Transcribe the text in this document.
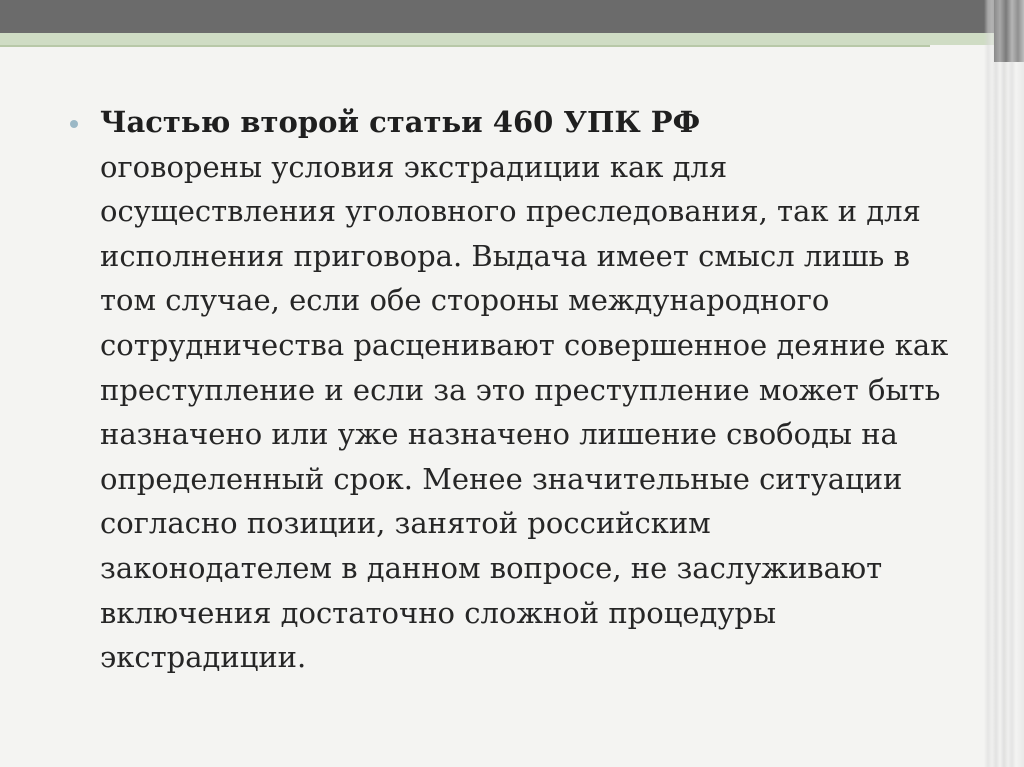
Частью второй статьи 460 УПК РФ
оговорены условия экстрадиции как для осуществления уголовного преследования, так и для исполнения приговора. Выдача имеет смысл лишь в том случае, если обе стороны международного сотрудничества расценивают совершенное деяние как преступление и если за это преступление может быть назначено или уже назначено лишение свободы на определенный срок. Менее значительные ситуации согласно позиции, занятой российским законодателем в данном вопросе, не заслуживают включения достаточно сложной процедуры экстрадиции.
